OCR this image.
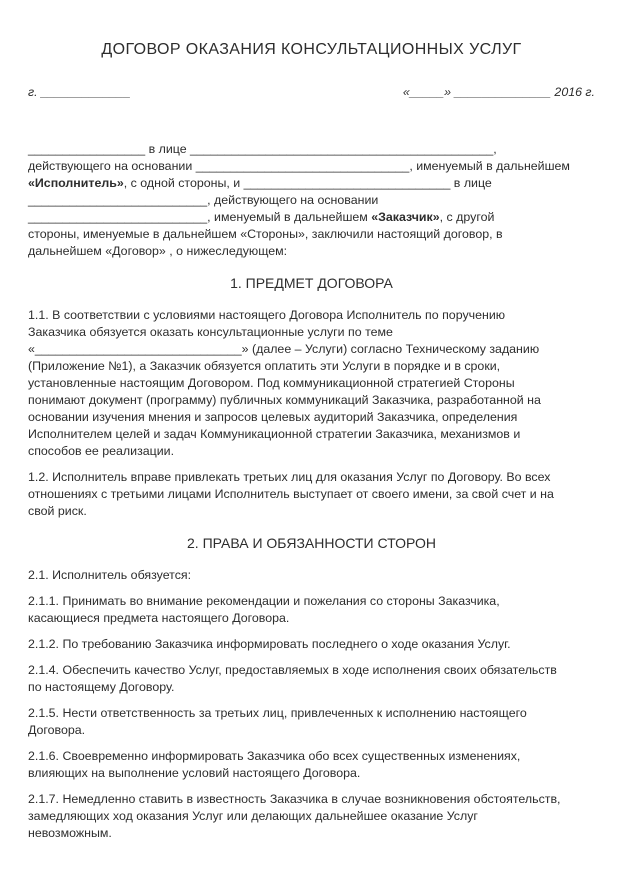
ДОГОВОР ОКАЗАНИЯ КОНСУЛЬТАЦИОННЫХ УСЛУГ
г. _____________	«_____» ______________ 2016 г.
_________________ в лице ____________________________________________,
действующего на основании _______________________________, именуемый в дальнейшем
«Исполнитель», с одной стороны, и ______________________________ в лице
__________________________, действующего на основании
__________________________, именуемый в дальнейшем «Заказчик», с другой
стороны, именуемые в дальнейшем «Стороны», заключили настоящий договор, в
дальнейшем «Договор» , о нижеследующем:
1. ПРЕДМЕТ ДОГОВОРА
1.1. В соответствии с условиями настоящего Договора Исполнитель по поручению
Заказчика обязуется оказать консультационные услуги по теме
«______________________________» (далее – Услуги) согласно Техническому заданию
(Приложение №1), а Заказчик обязуется оплатить эти Услуги в порядке и в сроки,
установленные настоящим Договором. Под коммуникационной стратегией Стороны
понимают документ (программу) публичных коммуникаций Заказчика, разработанной на
основании изучения мнения и запросов целевых аудиторий Заказчика, определения
Исполнителем целей и задач Коммуникационной стратегии Заказчика, механизмов и
способов ее реализации.
1.2. Исполнитель вправе привлекать третьих лиц для оказания Услуг по Договору. Во всех
отношениях с третьими лицами Исполнитель выступает от своего имени, за свой счет и на
свой риск.
2. ПРАВА И ОБЯЗАННОСТИ СТОРОН
2.1. Исполнитель обязуется:
2.1.1. Принимать во внимание рекомендации и пожелания со стороны Заказчика,
касающиеся предмета настоящего Договора.
2.1.2. По требованию Заказчика информировать последнего о ходе оказания Услуг.
2.1.4. Обеспечить качество Услуг, предоставляемых в ходе исполнения своих обязательств
по настоящему Договору.
2.1.5. Нести ответственность за третьих лиц, привлеченных к исполнению настоящего
Договора.
2.1.6. Своевременно информировать Заказчика обо всех существенных изменениях,
влияющих на выполнение условий настоящего Договора.
2.1.7. Немедленно ставить в известность Заказчика в случае возникновения обстоятельств,
замедляющих ход оказания Услуг или делающих дальнейшее оказание Услуг
невозможным.
